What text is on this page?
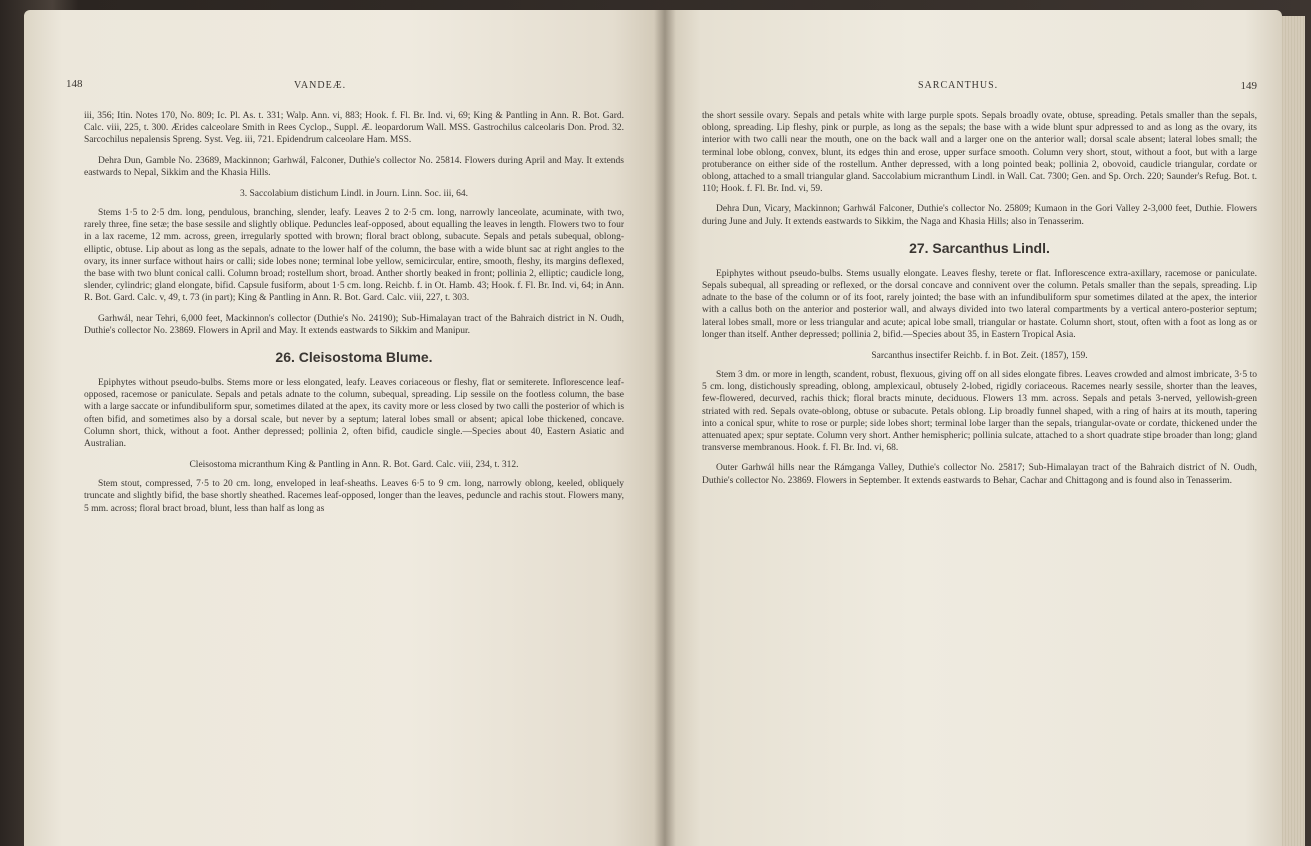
148	VANDEÆ.

iii, 356; Itin. Notes 170, No. 809; Ic. Pl. As. t. 331; Walp. Ann. vi, 883; Hook. f. Fl. Br. Ind. vi, 69; King & Pantling in Ann. R. Bot. Gard. Calc. viii, 225, t. 300. Ærides calceolare Smith in Rees Cyclop., Suppl. Æ. leopardorum Wall. MSS. Gastrochilus calceolaris Don. Prod. 32. Sarcochilus nepalensis Spreng. Syst. Veg. iii, 721. Epidendrum calceolare Ham. MSS.

Dehra Dun, Gamble No. 23689, Mackinnon; Garhwál, Falconer, Duthie's collector No. 25814. Flowers during April and May. It extends eastwards to Nepal, Sikkim and the Khasia Hills.

3. Saccolabium distichum Lindl. in Journ. Linn. Soc. iii, 64.

Stems 1·5 to 2·5 dm. long, pendulous, branching, slender, leafy. Leaves 2 to 2·5 cm. long, narrowly lanceolate, acuminate, with two, rarely three, fine setæ; the base sessile and slightly oblique. Peduncles leaf-opposed, about equalling the leaves in length. Flowers two to four in a lax raceme, 12 mm. across, green, irregularly spotted with brown; floral bract oblong, subacute. Sepals and petals subequal, oblong-elliptic, obtuse. Lip about as long as the sepals, adnate to the lower half of the column, the base with a wide blunt sac at right angles to the ovary, its inner surface without hairs or calli; side lobes none; terminal lobe yellow, semicircular, entire, smooth, fleshy, its margins deflexed, the base with two blunt conical calli. Column broad; rostellum short, broad. Anther shortly beaked in front; pollinia 2, elliptic; caudicle long, slender, cylindric; gland elongate, bifid. Capsule fusiform, about 1·5 cm. long. Reichb. f. in Ot. Hamb. 43; Hook. f. Fl. Br. Ind. vi, 64; in Ann. R. Bot. Gard. Calc. v, 49, t. 73 (in part); King & Pantling in Ann. R. Bot. Gard. Calc. viii, 227, t. 303.

Garhwál, near Tehri, 6,000 feet, Mackinnon's collector (Duthie's No. 24190); Sub-Himalayan tract of the Bahraich district in N. Oudh, Duthie's collector No. 23869. Flowers in April and May. It extends eastwards to Sikkim and Manipur.

26. Cleisostoma Blume.

Epiphytes without pseudo-bulbs. Stems more or less elongated, leafy. Leaves coriaceous or fleshy, flat or semiterete. Inflorescence leaf-opposed, racemose or paniculate. Sepals and petals adnate to the column, subequal, spreading. Lip sessile on the footless column, the base with a large saccate or infundibuliform spur, sometimes dilated at the apex, its cavity more or less closed by two calli the posterior of which is often bifid, and sometimes also by a dorsal scale, but never by a septum; lateral lobes small or absent; apical lobe thickened, concave. Column short, thick, without a foot. Anther depressed; pollinia 2, often bifid, caudicle single.—Species about 40, Eastern Asiatic and Australian.

Cleisostoma micranthum King & Pantling in Ann. R. Bot. Gard. Calc. viii, 234, t. 312.

Stem stout, compressed, 7·5 to 20 cm. long, enveloped in leaf-sheaths. Leaves 6·5 to 9 cm. long, narrowly oblong, keeled, obliquely truncate and slightly bifid, the base shortly sheathed. Racemes leaf-opposed, longer than the leaves, peduncle and rachis stout. Flowers many, 5 mm. across; floral bract broad, blunt, less than half as long as

SARCANTHUS.	149

the short sessile ovary. Sepals and petals white with large purple spots. Sepals broadly ovate, obtuse, spreading. Petals smaller than the sepals, oblong, spreading. Lip fleshy, pink or purple, as long as the sepals; the base with a wide blunt spur adpressed to and as long as the ovary, its interior with two calli near the mouth, one on the back wall and a larger one on the anterior wall; dorsal scale absent; lateral lobes small; the terminal lobe oblong, convex, blunt, its edges thin and erose, upper surface smooth. Column very short, stout, without a foot, but with a large protuberance on either side of the rostellum. Anther depressed, with a long pointed beak; pollinia 2, obovoid, caudicle triangular, cordate or oblong, attached to a small triangular gland. Saccolabium micranthum Lindl. in Wall. Cat. 7300; Gen. and Sp. Orch. 220; Saunder's Refug. Bot. t. 110; Hook. f. Fl. Br. Ind. vi, 59.

Dehra Dun, Vicary, Mackinnon; Garhwál Falconer, Duthie's collector No. 25809; Kumaon in the Gori Valley 2-3,000 feet, Duthie. Flowers during June and July. It extends eastwards to Sikkim, the Naga and Khasia Hills; also in Tenasserim.

27. Sarcanthus Lindl.

Epiphytes without pseudo-bulbs. Stems usually elongate. Leaves fleshy, terete or flat. Inflorescence extra-axillary, racemose or paniculate. Sepals subequal, all spreading or reflexed, or the dorsal concave and connivent over the column. Petals smaller than the sepals, spreading. Lip adnate to the base of the column or of its foot, rarely jointed; the base with an infundibuliform spur sometimes dilated at the apex, the interior with a callus both on the anterior and posterior wall, and always divided into two lateral compartments by a vertical antero-posterior septum; lateral lobes small, more or less triangular and acute; apical lobe small, triangular or hastate. Column short, stout, often with a foot as long as or longer than itself. Anther depressed; pollinia 2, bifid.—Species about 35, in Eastern Tropical Asia.

Sarcanthus insectifer Reichb. f. in Bot. Zeit. (1857), 159.

Stem 3 dm. or more in length, scandent, robust, flexuous, giving off on all sides elongate fibres. Leaves crowded and almost imbricate, 3·5 to 5 cm. long, distichously spreading, oblong, amplexicaul, obtusely 2-lobed, rigidly coriaceous. Racemes nearly sessile, shorter than the leaves, few-flowered, decurved, rachis thick; floral bracts minute, deciduous. Flowers 13 mm. across. Sepals and petals 3-nerved, yellowish-green striated with red. Sepals ovate-oblong, obtuse or subacute. Petals oblong. Lip broadly funnel shaped, with a ring of hairs at its mouth, tapering into a conical spur, white to rose or purple; side lobes short; terminal lobe larger than the sepals, triangular-ovate or cordate, thickened under the attenuated apex; spur septate. Column very short. Anther hemispheric; pollinia sulcate, attached to a short quadrate stipe broader than long; gland transverse membranous. Hook. f. Fl. Br. Ind. vi, 68.

Outer Garhwál hills near the Rámganga Valley, Duthie's collector No. 25817; Sub-Himalayan tract of the Bahraich district of N. Oudh, Duthie's collector No. 23869. Flowers in September. It extends eastwards to Behar, Cachar and Chittagong and is found also in Tenasserim.
